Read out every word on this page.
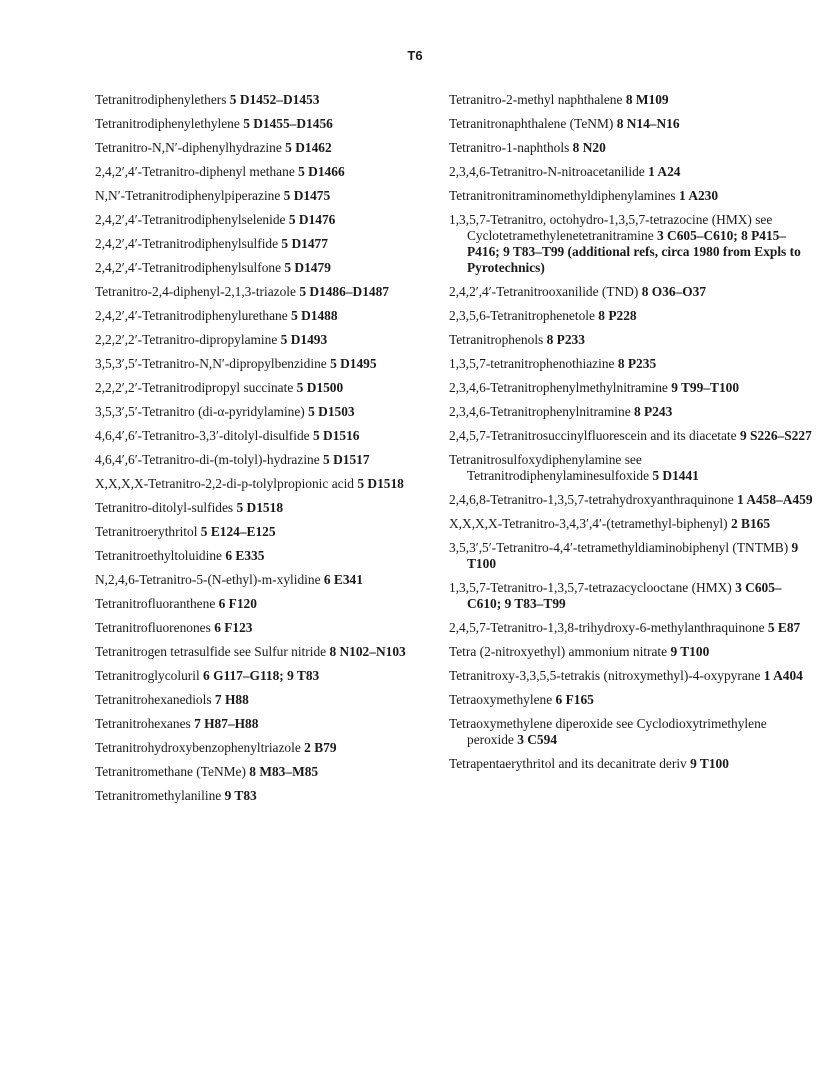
T6

Tetranitrodiphenylethers 5 D1452–D1453

Tetranitrodiphenylethylene 5 D1455–D1456

Tetranitro-N,N′-diphenylhydrazine 5 D1462

2,4,2′,4′-Tetranitro-diphenyl methane 5 D1466

N,N′-Tetranitrodiphenylpiperazine 5 D1475

2,4,2′,4′-Tetranitrodiphenylselenide 5 D1476

2,4,2′,4′-Tetranitrodiphenylsulfide 5 D1477

2,4,2′,4′-Tetranitrodiphenylsulfone 5 D1479

Tetranitro-2,4-diphenyl-2,1,3-triazole 5 D1486–D1487

2,4,2′,4′-Tetranitrodiphenylurethane 5 D1488

2,2,2′,2′-Tetranitro-dipropylamine 5 D1493

3,5,3′,5′-Tetranitro-N,N′-dipropylbenzidine 5 D1495

2,2,2′,2′-Tetranitrodipropyl succinate 5 D1500

3,5,3′,5′-Tetranitro (di-α-pyridylamine) 5 D1503

4,6,4′,6′-Tetranitro-3,3′-ditolyl-disulfide 5 D1516

4,6,4′,6′-Tetranitro-di-(m-tolyl)-hydrazine 5 D1517

X,X,X,X-Tetranitro-2,2-di-p-tolylpropionic acid 5 D1518

Tetranitro-ditolyl-sulfides 5 D1518

Tetranitroerythritol 5 E124–E125

Tetranitroethyltoluidine 6 E335

N,2,4,6-Tetranitro-5-(N-ethyl)-m-xylidine 6 E341

Tetranitrofluoranthene 6 F120

Tetranitrofluorenones 6 F123

Tetranitrogen tetrasulfide see Sulfur nitride 8 N102–N103

Tetranitroglycoluril 6 G117–G118; 9 T83

Tetranitrohexanediols 7 H88

Tetranitrohexanes 7 H87–H88

Tetranitrohydroxybenzophenyltriazole 2 B79

Tetranitromethane (TeNMe) 8 M83–M85

Tetranitromethylaniline 9 T83

Tetranitro-2-methyl naphthalene 8 M109

Tetranitronaphthalene (TeNM) 8 N14–N16

Tetranitro-1-naphthols 8 N20

2,3,4,6-Tetranitro-N-nitroacetanilide 1 A24

Tetranitronitraminomethyldiphenylamines 1 A230

1,3,5,7-Tetranitro, octohydro-1,3,5,7-tetrazocine (HMX) see Cyclotetramethylenetetranitramine 3 C605–C610; 8 P415–P416; 9 T83–T99 (additional refs, circa 1980 from Expls to Pyrotechnics)

2,4,2′,4′-Tetranitrooxanilide (TND) 8 O36–O37

2,3,5,6-Tetranitrophenetole 8 P228

Tetranitrophenols 8 P233

1,3,5,7-tetranitrophenothiazine 8 P235

2,3,4,6-Tetranitrophenylmethylnitramine 9 T99–T100

2,3,4,6-Tetranitrophenylnitramine 8 P243

2,4,5,7-Tetranitrosuccinylfluorescein and its diacetate 9 S226–S227

Tetranitrosulfoxydiphenylamine see Tetranitrodiphenylaminesulfoxide 5 D1441

2,4,6,8-Tetranitro-1,3,5,7-tetrahydroxyanthraquinone 1 A458–A459

X,X,X,X-Tetranitro-3,4,3′,4′-(tetramethyl-biphenyl) 2 B165

3,5,3′,5′-Tetranitro-4,4′-tetramethyldiaminobiphenyl (TNTMB) 9 T100

1,3,5,7-Tetranitro-1,3,5,7-tetrazacyclooctane (HMX) 3 C605–C610; 9 T83–T99

2,4,5,7-Tetranitro-1,3,8-trihydroxy-6-methylanthraquinone 5 E87

Tetra (2-nitroxyethyl) ammonium nitrate 9 T100

Tetranitroxy-3,3,5,5-tetrakis (nitroxymethyl)-4-oxypyrane 1 A404

Tetraoxymethylene 6 F165

Tetraoxymethylene diperoxide see Cyclodioxytrimethylene peroxide 3 C594

Tetrapentaerythritol and its decanitrate deriv 9 T100
